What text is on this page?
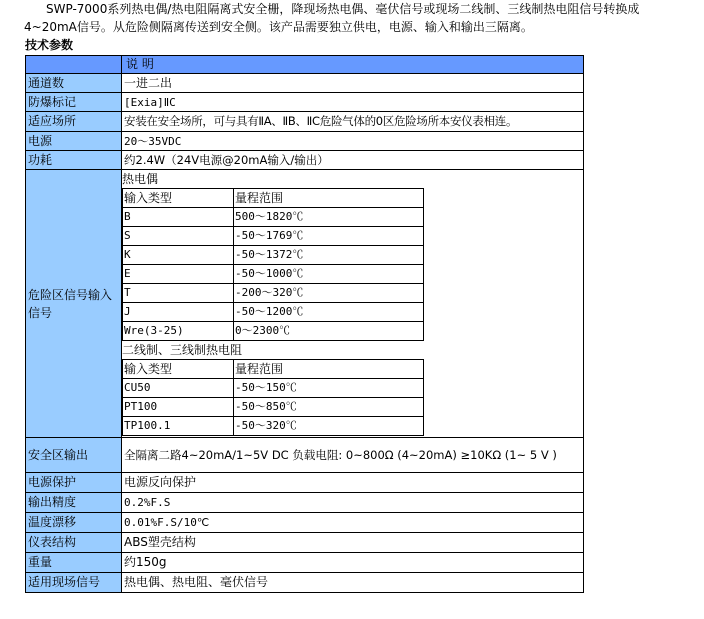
SWP-7000系列热电偶/热电阻隔离式安全栅，降现场热电偶、毫伏信号或现场二线制、三线制热电阻信号转换成

4~20mA信号。从危险侧隔离传送到安全侧。该产品需要独立供电，电源、输入和输出三隔离。

技术参数
	说 明
通道数	一进二出
防爆标记	[Exia]ⅡC
适应场所	安装在安全场所，可与具有ⅡA、ⅡB、ⅡC危险气体的0区危险场所本安仪表相连。
电源	20～35VDC
功耗	约2.4W（24V电源@20mA输入/输出）
危险区信号输入信号	
热电偶
输入类型	量程范围
B	500～1820℃
S	-50～1769℃
K	-50～1372℃
E	-50～1000℃
T	-200～320℃
J	-50～1200℃
Wre(3-25)	0～2300℃
二线制、三线制热电阻
输入类型	量程范围
CU50	-50～150℃
PT100	-50～850℃
TP100.1	-50～320℃

安全区输出	全隔离二路4~20mA/1~5V DC 负载电阻: 0~800Ω (4~20mA) ≥10KΩ (1~ 5 V )
电源保护	电源反向保护
输出精度	0.2%F.S
温度漂移	0.01%F.S/10℃
仪表结构	ABS塑壳结构
重量	约150g
适用现场信号	热电偶、热电阻、毫伏信号
